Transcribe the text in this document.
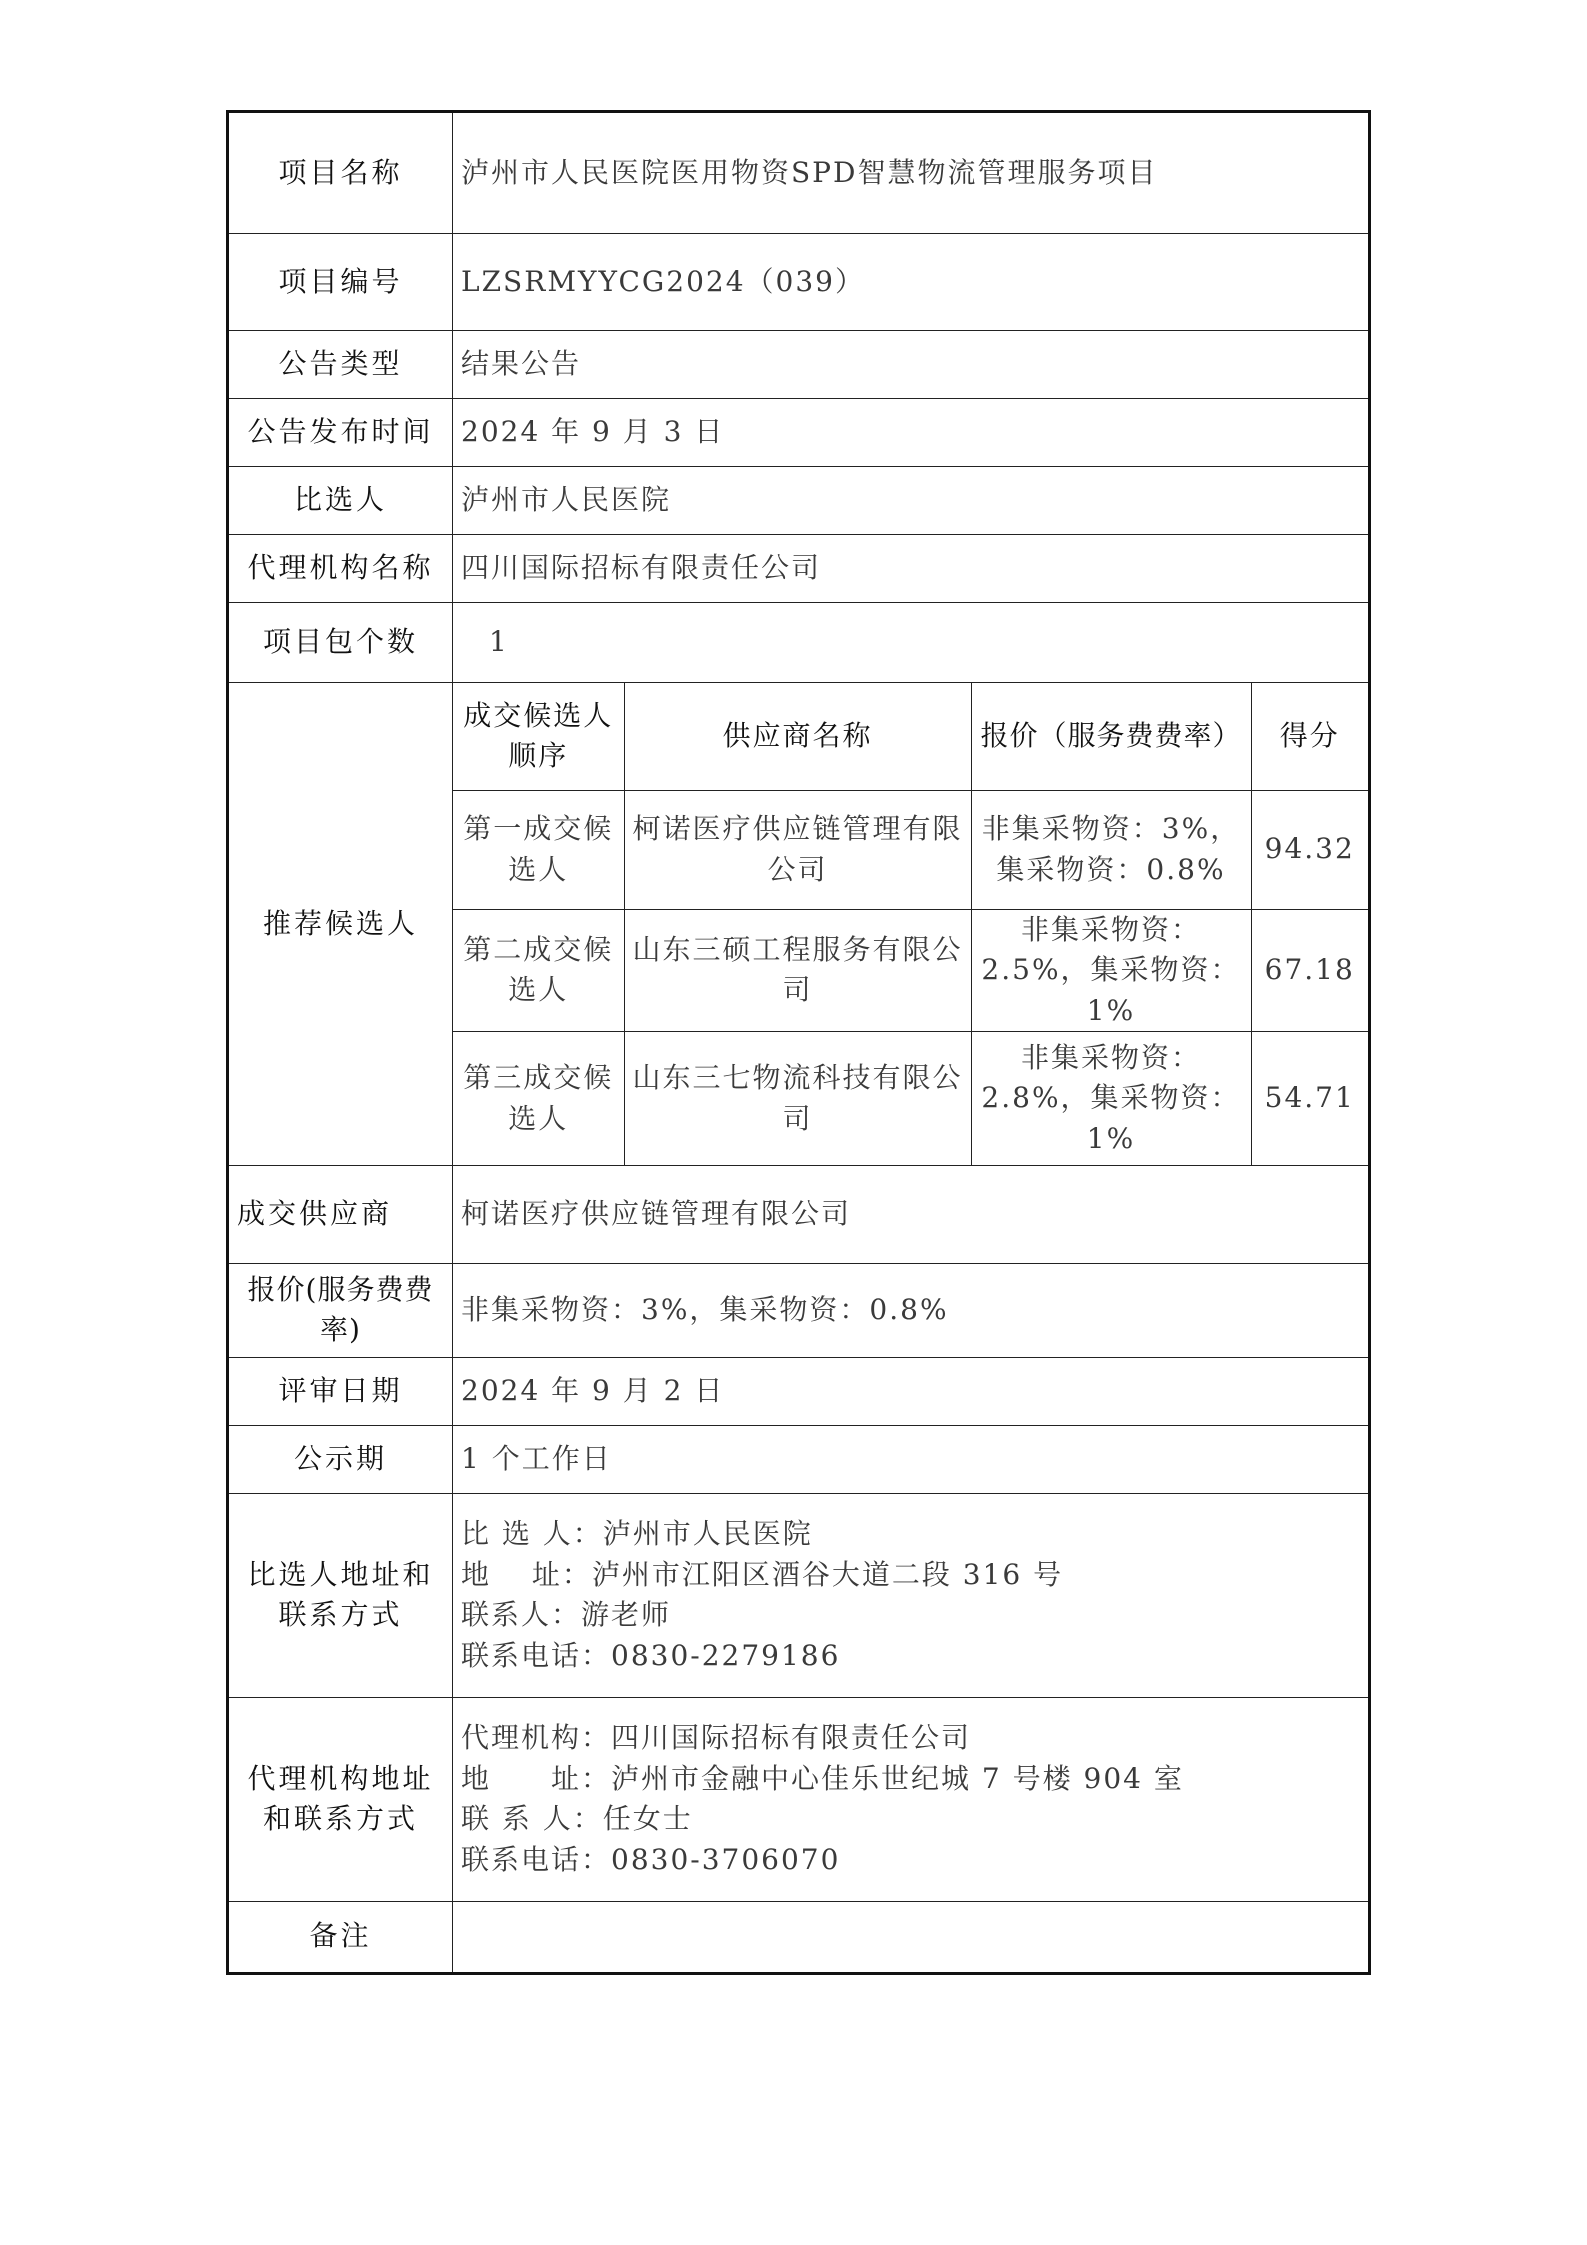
项目名称	泸州市人民医院医用物资SPD智慧物流管理服务项目
项目编号	LZSRMYYCG2024（039）
公告类型	结果公告
公告发布时间	2024 年 9 月 3 日
比选人	泸州市人民医院
代理机构名称	四川国际招标有限责任公司
项目包个数	1
推荐候选人	
成交候选人顺序	供应商名称	报价（服务费费率）	得分
第一成交候选人	柯诺医疗供应链管理有限公司	非集采物资：3%，集采物资：0.8%	94.32
第二成交候选人	山东三硕工程服务有限公司	非集采物资：2.5%，集采物资：1%	67.18
第三成交候选人	山东三七物流科技有限公司	非集采物资：2.8%，集采物资：1%	54.71

成交供应商	柯诺医疗供应链管理有限公司
报价(服务费费率)	非集采物资：3%，集采物资：0.8%
评审日期	2024 年 9 月 2 日
公示期	1 个工作日
比选人地址和联系方式	
比 选 人：泸州市人民医院
地　 址：泸州市江阳区酒谷大道二段 316 号
联系人：游老师
联系电话：0830-2279186

代理机构地址和联系方式	
代理机构：四川国际招标有限责任公司
地　　址：泸州市金融中心佳乐世纪城 7 号楼 904 室
联 系 人：任女士
联系电话：0830-3706070

备注	
